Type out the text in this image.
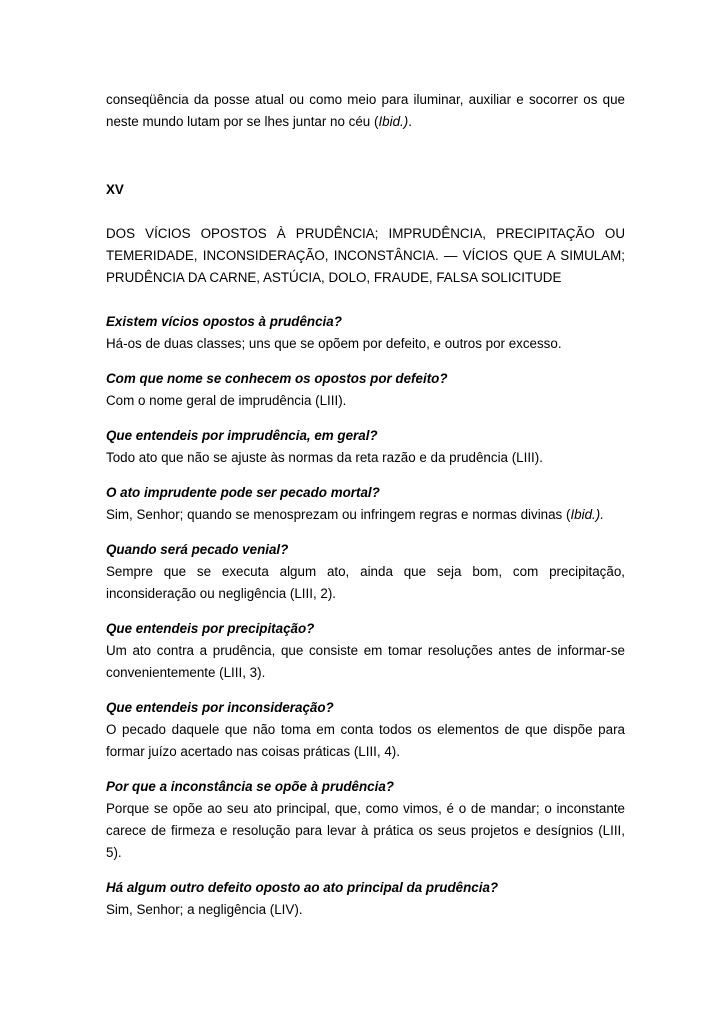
conseqüência da posse atual ou como meio para iluminar, auxiliar e socorrer os que neste mundo lutam por se lhes juntar no céu (Ibid.).

XV

DOS VÍCIOS OPOSTOS À PRUDÊNCIA; IMPRUDÊNCIA, PRECIPITAÇÃO OU TEMERIDADE, INCONSIDERAÇÃO, INCONSTÂNCIA. — VÍCIOS QUE A SIMULAM; PRUDÊNCIA DA CARNE, ASTÚCIA, DOLO, FRAUDE, FALSA SOLICITUDE

Existem vícios opostos à prudência?

Há-os de duas classes; uns que se opõem por defeito, e outros por excesso.

Com que nome se conhecem os opostos por defeito?

Com o nome geral de imprudência (LIII).

Que entendeis por imprudência, em geral?

Todo ato que não se ajuste às normas da reta razão e da prudência (LIII).

O ato imprudente pode ser pecado mortal?

Sim, Senhor; quando se menosprezam ou infringem regras e normas divinas (Ibid.).

Quando será pecado venial?

Sempre que se executa algum ato, ainda que seja bom, com precipitação, inconsideração ou negligência (LIII, 2).

Que entendeis por precipitação?

Um ato contra a prudência, que consiste em tomar resoluções antes de informar-se convenientemente (LIII, 3).

Que entendeis por inconsideração?

O pecado daquele que não toma em conta todos os elementos de que dispõe para formar juízo acertado nas coisas práticas (LIII, 4).

Por que a inconstância se opõe à prudência?

Porque se opõe ao seu ato principal, que, como vimos, é o de mandar; o inconstante carece de firmeza e resolução para levar à prática os seus projetos e desígnios (LIII, 5).

Há algum outro defeito oposto ao ato principal da prudência?

Sim, Senhor; a negligência (LIV).
